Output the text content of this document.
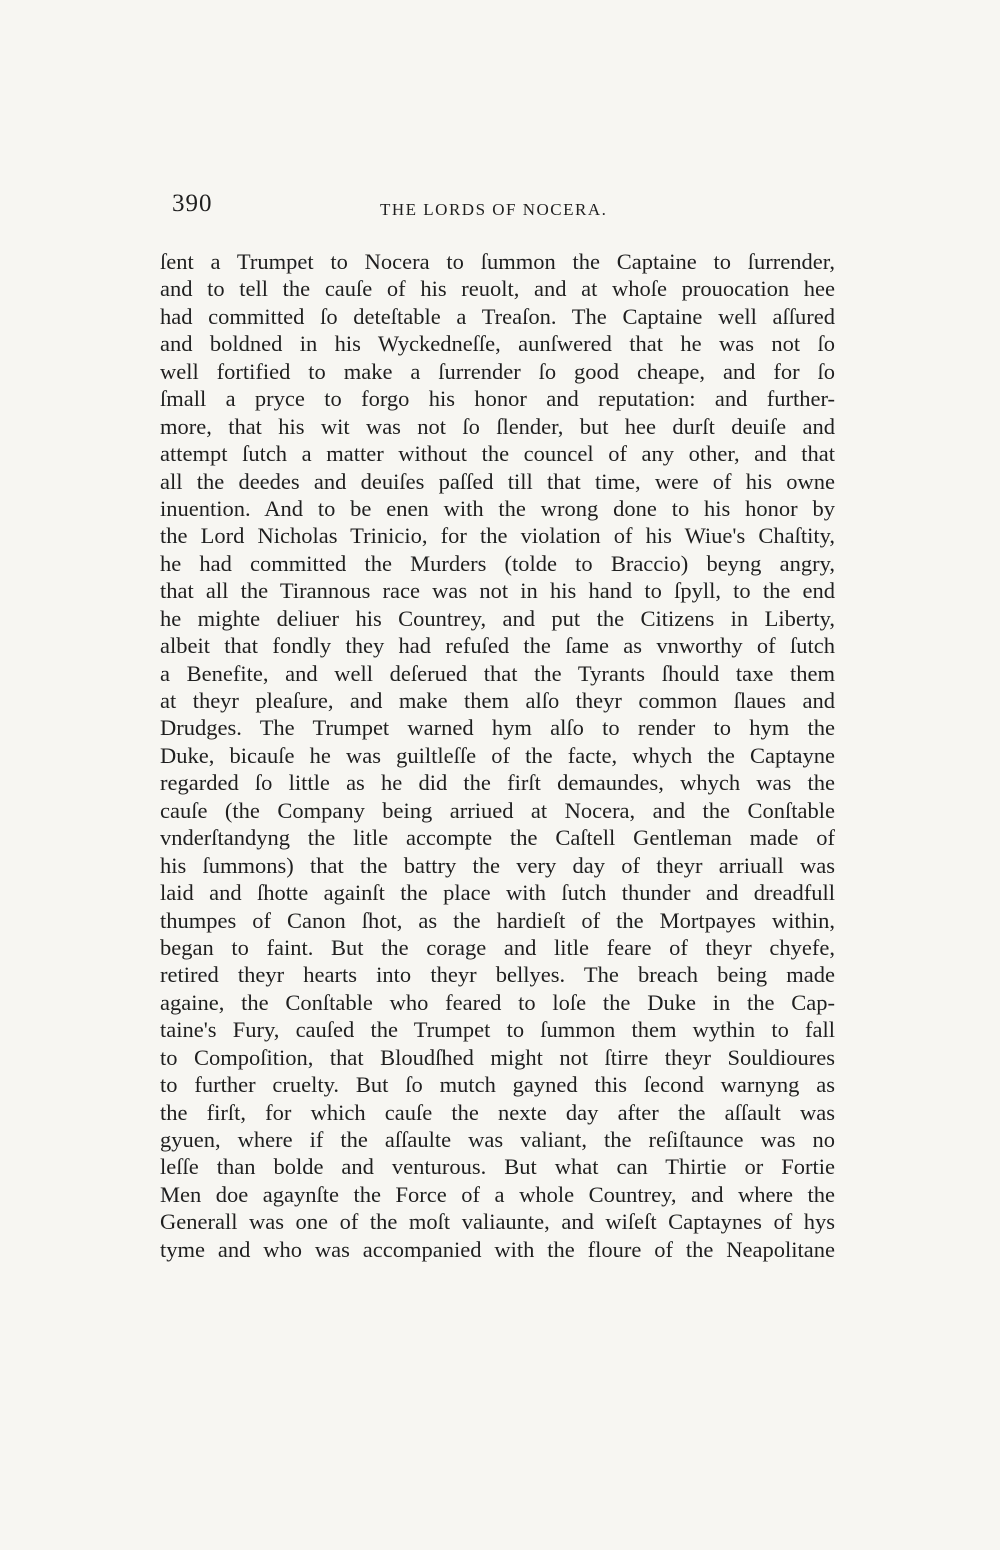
390	THE LORDS OF NOCERA.
ſent a Trumpet to Nocera to ſummon the Captaine to ſurrender,
and to tell the cauſe of his reuolt, and at whoſe prouocation hee
had committed ſo deteſtable a Treaſon. The Captaine well aſſured
and boldned in his Wyckedneſſe, aunſwered that he was not ſo
well fortified to make a ſurrender ſo good cheape, and for ſo
ſmall a pryce to forgo his honor and reputation: and further-
more, that his wit was not ſo ſlender, but hee durſt deuiſe and
attempt ſutch a matter without the councel of any other, and that
all the deedes and deuiſes paſſed till that time, were of his owne
inuention. And to be enen with the wrong done to his honor by
the Lord Nicholas Trinicio, for the violation of his Wiue's Chaſtity,
he had committed the Murders (tolde to Braccio) beyng angry,
that all the Tirannous race was not in his hand to ſpyll, to the end
he mighte deliuer his Countrey, and put the Citizens in Liberty,
albeit that fondly they had refuſed the ſame as vnworthy of ſutch
a Benefite, and well deſerued that the Tyrants ſhould taxe them
at theyr pleaſure, and make them alſo theyr common ſlaues and
Drudges. The Trumpet warned hym alſo to render to hym the
Duke, bicauſe he was guiltleſſe of the facte, whych the Captayne
regarded ſo little as he did the firſt demaundes, whych was the
cauſe (the Company being arriued at Nocera, and the Conſtable
vnderſtandyng the litle accompte the Caſtell Gentleman made of
his ſummons) that the battry the very day of theyr arriuall was
laid and ſhotte againſt the place with ſutch thunder and dreadfull
thumpes of Canon ſhot, as the hardieſt of the Mortpayes within,
began to faint. But the corage and litle feare of theyr chyefe,
retired theyr hearts into theyr bellyes. The breach being made
againe, the Conſtable who feared to loſe the Duke in the Cap-
taine's Fury, cauſed the Trumpet to ſummon them wythin to fall
to Compoſition, that Bloudſhed might not ſtirre theyr Souldioures
to further cruelty. But ſo mutch gayned this ſecond warnyng as
the firſt, for which cauſe the nexte day after the aſſault was
gyuen, where if the aſſaulte was valiant, the reſiſtaunce was no
leſſe than bolde and venturous. But what can Thirtie or Fortie
Men doe agaynſte the Force of a whole Countrey, and where the
Generall was one of the moſt valiaunte, and wiſeſt Captaynes of hys
tyme and who was accompanied with the floure of the Neapolitane
